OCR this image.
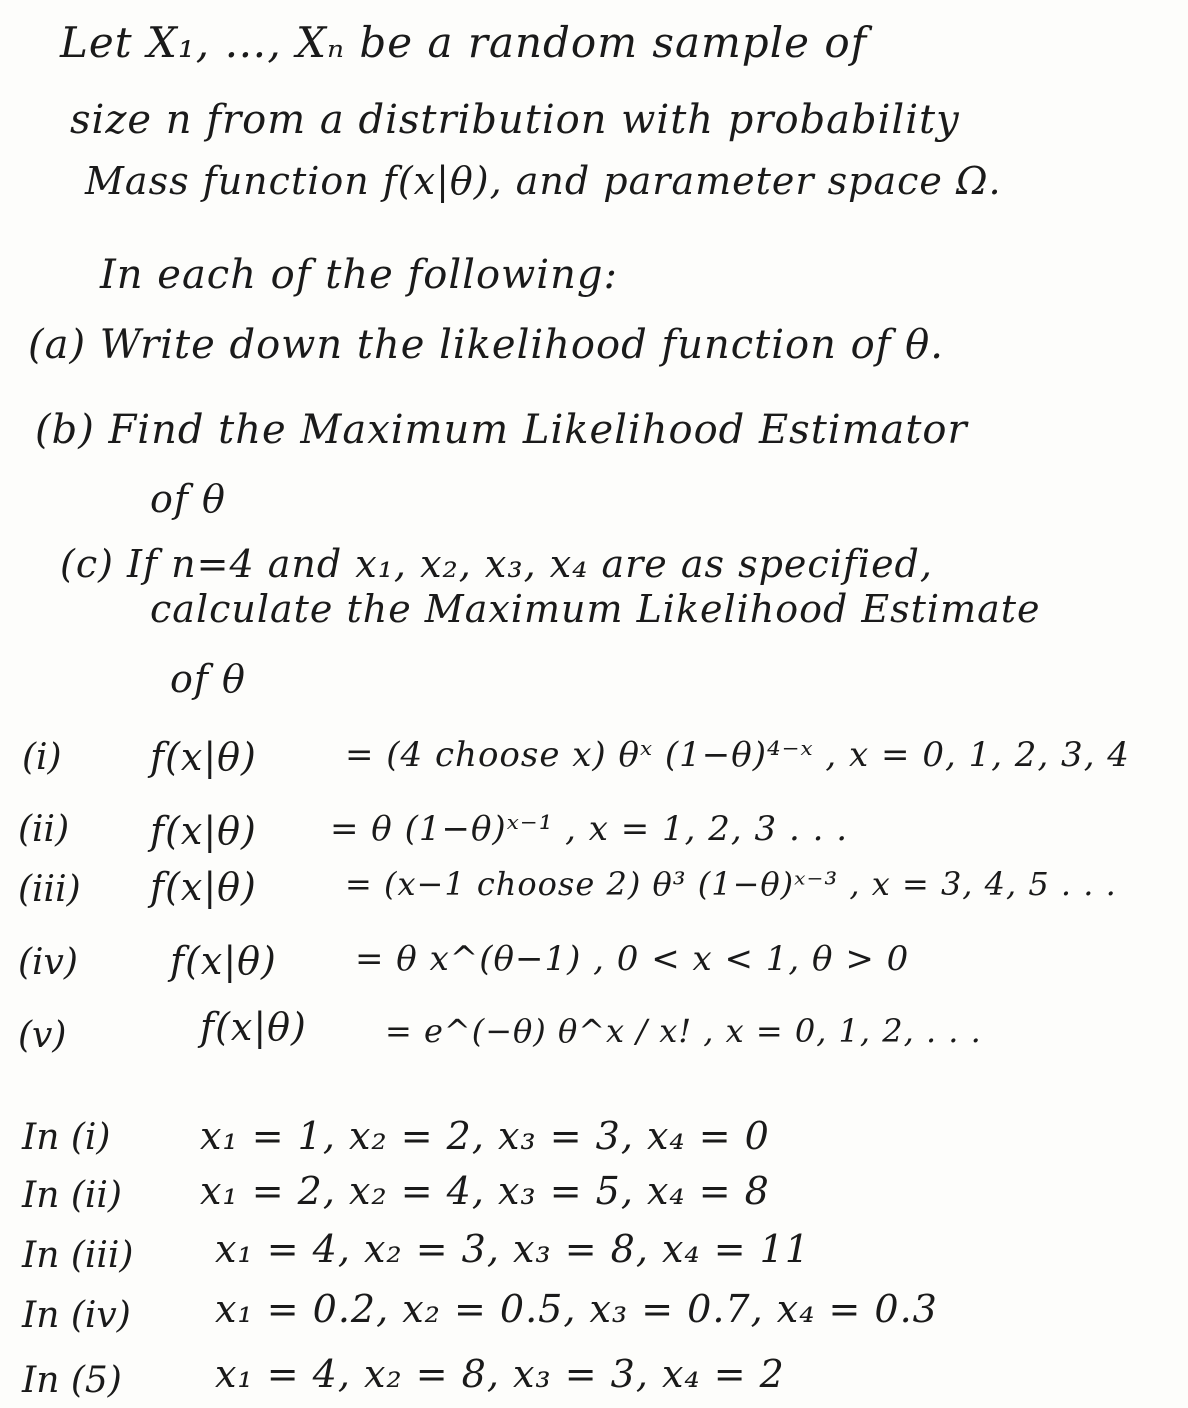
Let X₁, …, Xₙ be a random sample of
size n from a distribution with probability
Mass function f(x|θ), and parameter space Ω.
In each of the following:
(a) Write down the likelihood function of θ.
(b) Find the Maximum Likelihood Estimator
of θ
(c) If n=4 and x₁, x₂, x₃, x₄ are as specified,
calculate the Maximum Likelihood Estimate
of θ
(i) f(x|θ)	= (4 choose x) θˣ (1−θ)⁴⁻ˣ , x = 0, 1, 2, 3, 4
(ii) f(x|θ) = θ (1−θ)ˣ⁻¹ , x = 1, 2, 3 . . .
(iii) f(x|θ)	= (x−1 choose 2) θ³ (1−θ)ˣ⁻³ , x = 3, 4, 5 . . .
(iv) f(x|θ) = θ x^(θ−1) , 0 < x < 1, θ > 0
(v)	f(x|θ) = e^(−θ) θ^x / x! , x = 0, 1, 2, . . .
In (i) x₁ = 1, x₂ = 2, x₃ = 3, x₄ = 0
In (ii) x₁ = 2, x₂ = 4, x₃ = 5, x₄ = 8
In (iii) x₁ = 4, x₂ = 3, x₃ = 8, x₄ = 11
In (iv) x₁ = 0.2, x₂ = 0.5, x₃ = 0.7, x₄ = 0.3
In (5) x₁ = 4, x₂ = 8, x₃ = 3, x₄ = 2
